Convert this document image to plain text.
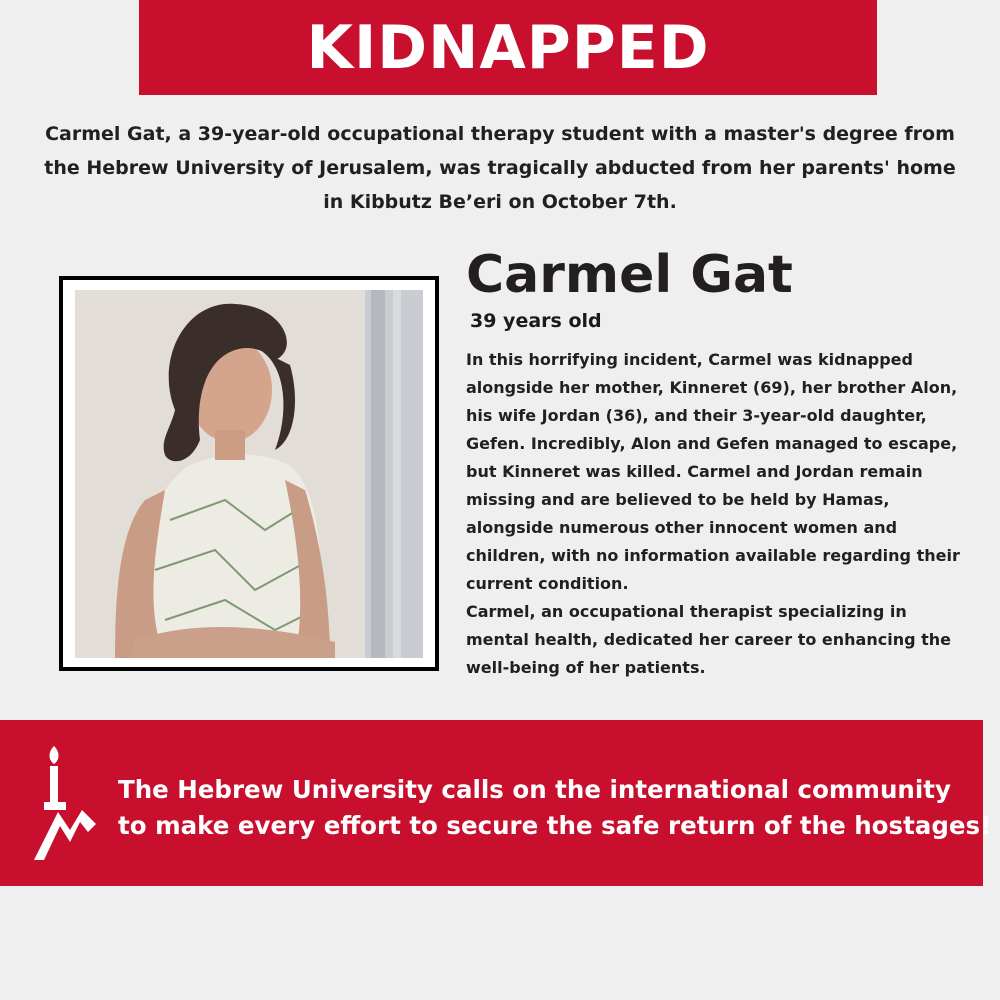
KIDNAPPED
Carmel Gat, a 39-year-old occupational therapy student with a master's degree from the Hebrew University of Jerusalem, was tragically abducted from her parents' home in Kibbutz Be’eri on October 7th.
Carmel Gat
39 years old

In this horrifying incident, Carmel was kidnapped alongside her mother, Kinneret (69), her brother Alon, his wife Jordan (36), and their 3-year-old daughter, Gefen. Incredibly, Alon and Gefen managed to escape, but Kinneret was killed. Carmel and Jordan remain missing and are believed to be held by Hamas, alongside numerous other innocent women and children, with no information available regarding their current condition.

Carmel, an occupational therapist specializing in mental health, dedicated her career to enhancing the well-being of her patients.

The Hebrew University calls on the international community
to make every effort to secure the safe return of the hostages!
